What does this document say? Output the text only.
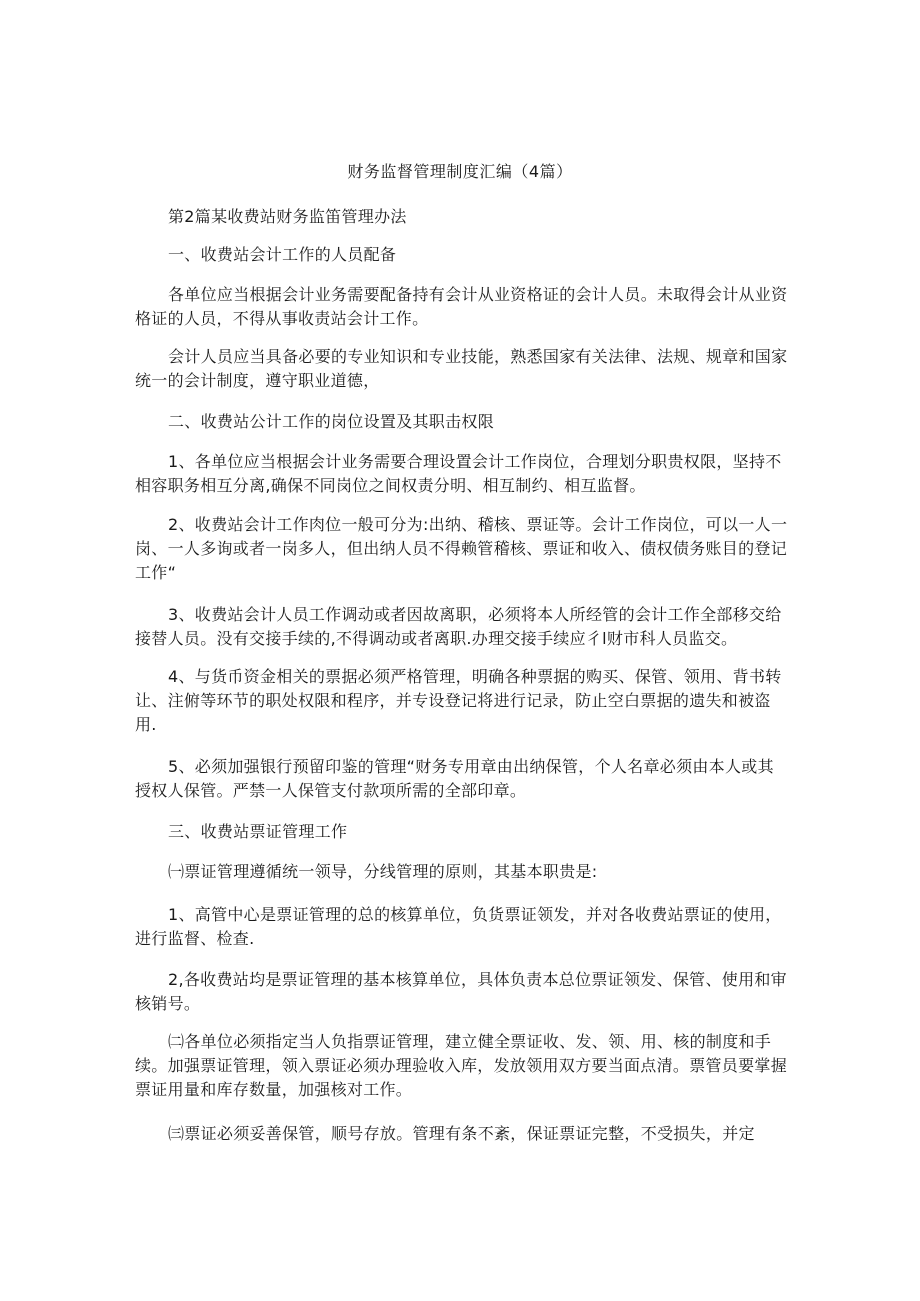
财务监督管理制度汇编（4篇）

第2篇某收费站财务监笛管理办法

一、收费站会计工作的人员配备

各单位应当根据会计业务需要配备持有会计从业资格证的会计人员。未取得会计从业资格证的人员，不得从事收责站会计工作。

会计人员应当具备必要的专业知识和专业技能，熟悉国家有关法律、法规、规章和国家统一的会计制度，遵守职业道德，

二、收费站公计工作的岗位设置及其职击权限

1、各单位应当根据会计业务需要合理设置会计工作岗位，合理划分职贵权限，坚持不相容职务相互分离,确保不同岗位之间权责分明、相互制约、相互监督。

2、收费站会计工作肉位一般可分为:出纳、稽核、票证等。会计工作岗位，可以一人一岗、一人多询或者一岗多人，但出纳人员不得赖管稽核、票证和收入、债权债务账目的登记工作“

3、收费站会计人员工作调动或者因故离职，必须将本人所经管的会计工作全部移交给接替人员。没有交接手续的,不得调动或者离职.办理交接手续应彳l财市科人员监交。

4、与货币资金相关的票据必须严格管理，明确各种票据的购买、保管、领用、背书转让、注俯等环节的职处权限和程序，并专设登记将进行记录，防止空白票据的遗失和被盗用.

5、必须加强银行预留印鉴的管理“财务专用章由出纳保管，个人名章必须由本人或其授权人保管。严禁一人保管支付款项所需的全部印章。

三、收费站票证管理工作

㈠票证管理遵循统一领导，分线管理的原则，其基本职贵是:

1、高管中心是票证管理的总的核算单位，负货票证领发，并对各收费站票证的使用，进行监督、检查.

2,各收费站均是票证管理的基本核算单位，具体负责本总位票证领发、保管、使用和审核销号。

㈡各单位必须指定当人负指票证管理，建立健全票证收、发、领、用、核的制度和手续。加强票证管理，领入票证必须办理验收入库，发放领用双方要当面点清。票管员要掌握票证用量和库存数量，加强核对工作。

㈢票证必须妥善保管，顺号存放。管理有条不紊，保证票证完整，不受损失，并定
